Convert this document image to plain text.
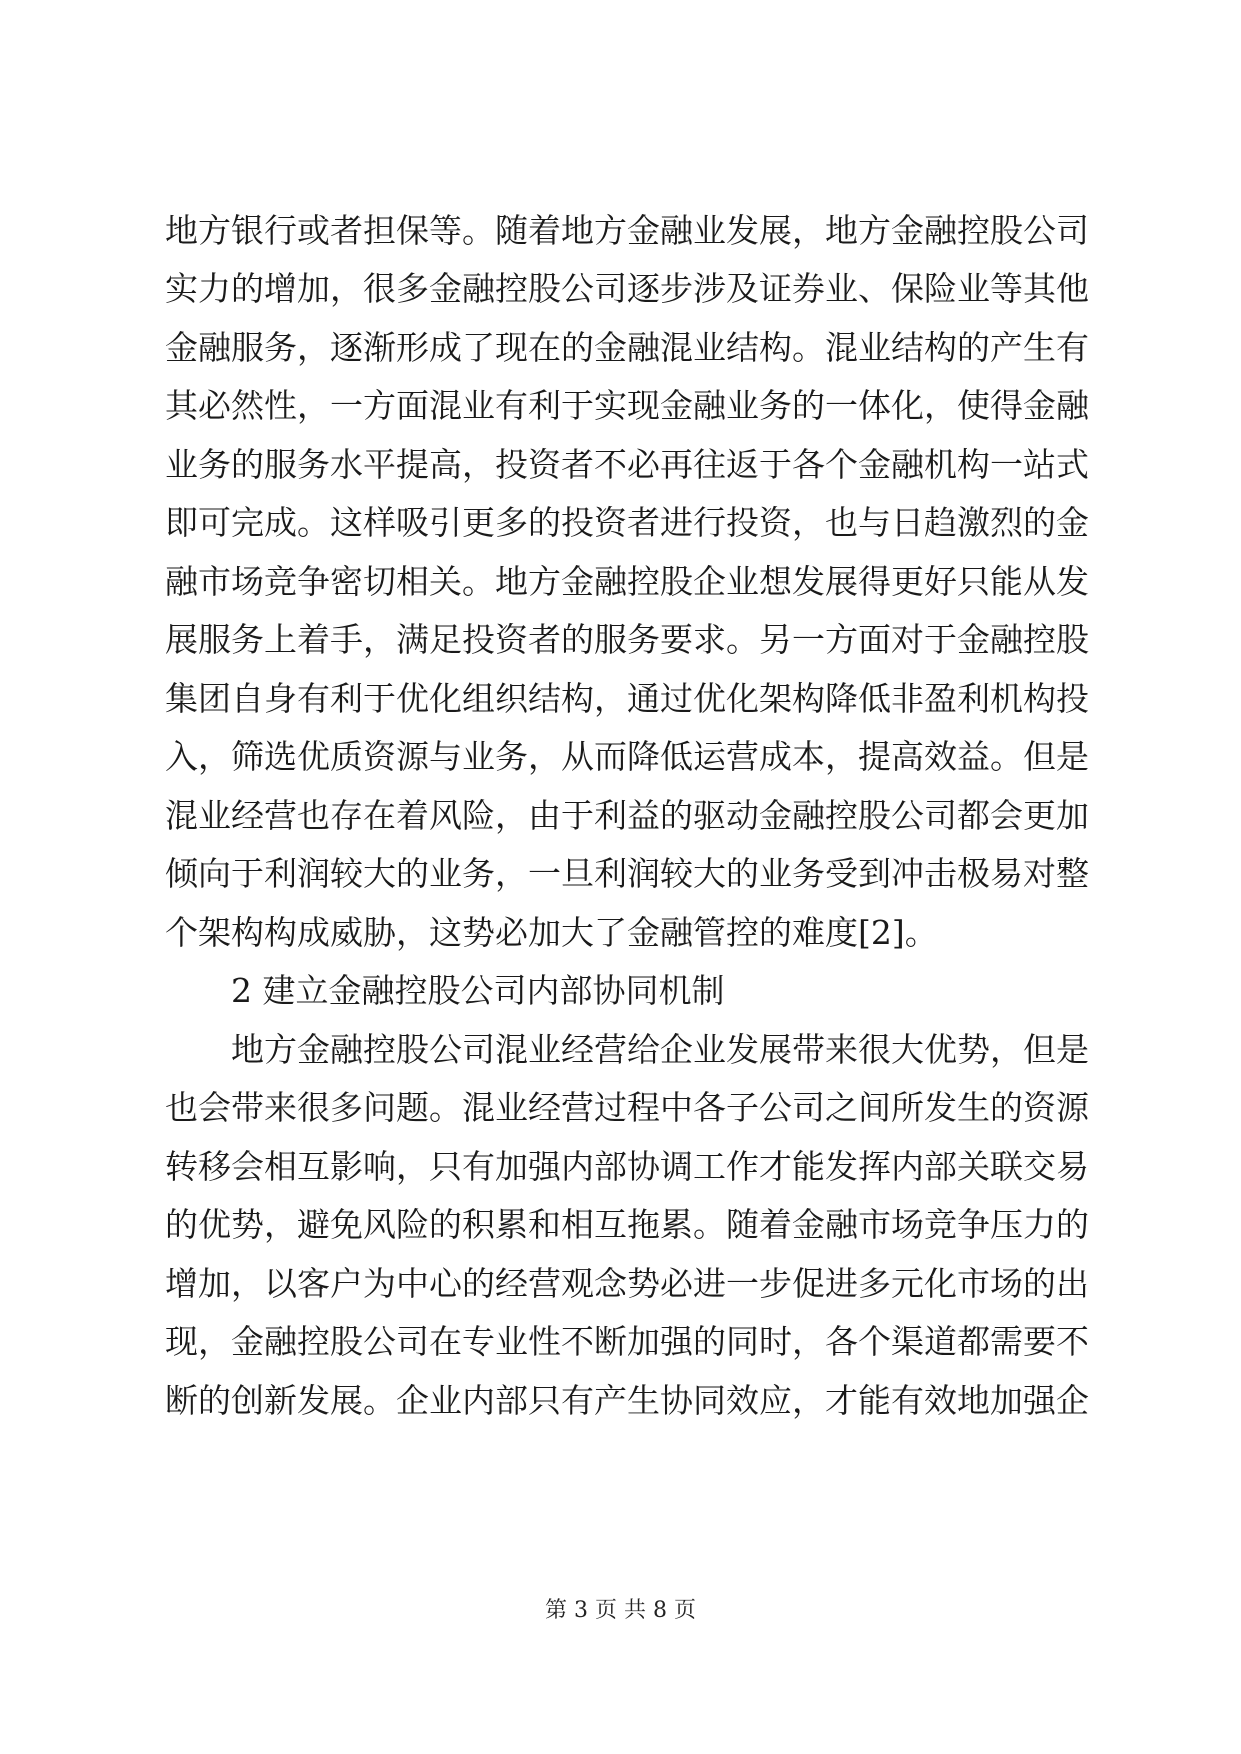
地方银行或者担保等。随着地方金融业发展，地方金融控股公司
实力的增加，很多金融控股公司逐步涉及证券业、保险业等其他
金融服务，逐渐形成了现在的金融混业结构。混业结构的产生有
其必然性，一方面混业有利于实现金融业务的一体化，使得金融
业务的服务水平提高，投资者不必再往返于各个金融机构一站式
即可完成。这样吸引更多的投资者进行投资，也与日趋激烈的金
融市场竞争密切相关。地方金融控股企业想发展得更好只能从发
展服务上着手，满足投资者的服务要求。另一方面对于金融控股
集团自身有利于优化组织结构，通过优化架构降低非盈利机构投
入，筛选优质资源与业务，从而降低运营成本，提高效益。但是
混业经营也存在着风险，由于利益的驱动金融控股公司都会更加
倾向于利润较大的业务，一旦利润较大的业务受到冲击极易对整
个架构构成威胁，这势必加大了金融管控的难度[2]。
2 建立金融控股公司内部协同机制
地方金融控股公司混业经营给企业发展带来很大优势，但是
也会带来很多问题。混业经营过程中各子公司之间所发生的资源
转移会相互影响，只有加强内部协调工作才能发挥内部关联交易
的优势，避免风险的积累和相互拖累。随着金融市场竞争压力的
增加，以客户为中心的经营观念势必进一步促进多元化市场的出
现，金融控股公司在专业性不断加强的同时，各个渠道都需要不
断的创新发展。企业内部只有产生协同效应，才能有效地加强企
第 3 页 共 8 页
